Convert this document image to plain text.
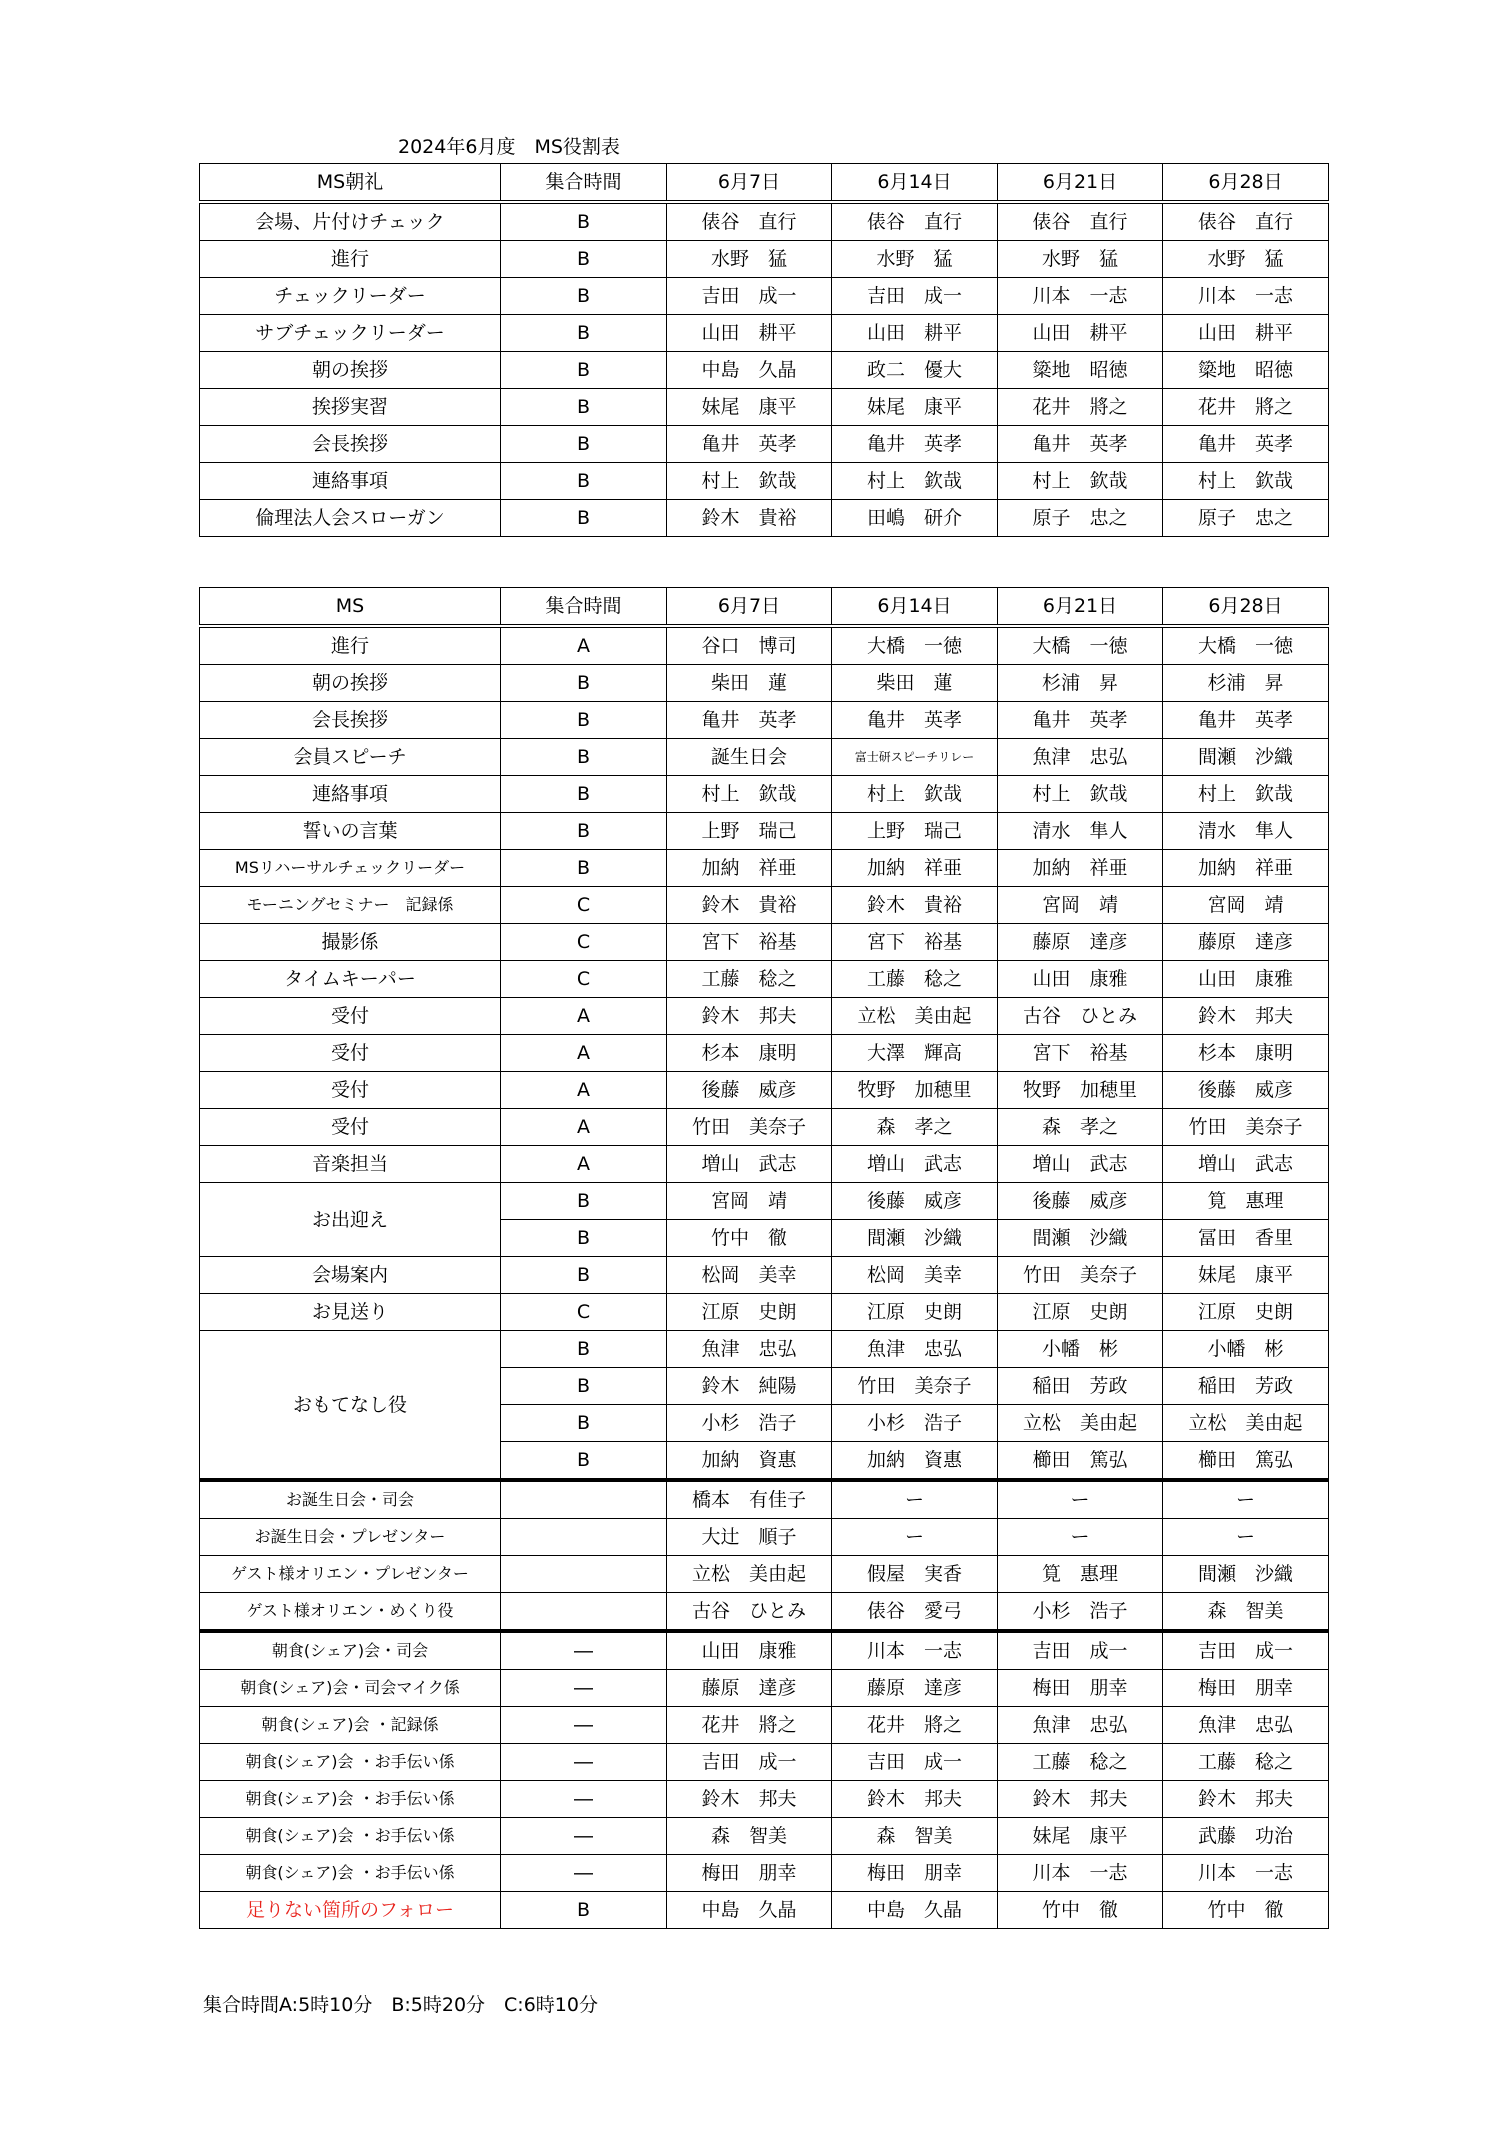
2024年6月度　MS役割表
MS朝礼	集合時間	6月7日	6月14日	6月21日	6月28日
会場、片付けチェック	B	俵谷　直行	俵谷　直行	俵谷　直行	俵谷　直行
進行	B	水野　猛	水野　猛	水野　猛	水野　猛
チェックリーダー	B	吉田　成一	吉田　成一	川本　一志	川本　一志
サブチェックリーダー	B	山田　耕平	山田　耕平	山田　耕平	山田　耕平
朝の挨拶	B	中島　久晶	政二　優大	簗地　昭徳	簗地　昭徳
挨拶実習	B	妹尾　康平	妹尾　康平	花井　將之	花井　將之
会長挨拶	B	亀井　英孝	亀井　英孝	亀井　英孝	亀井　英孝
連絡事項	B	村上　欽哉	村上　欽哉	村上　欽哉	村上　欽哉
倫理法人会スローガン	B	鈴木　貴裕	田嶋　研介	原子　忠之	原子　忠之
MS	集合時間	6月7日	6月14日	6月21日	6月28日
進行	A	谷口　博司	大橋　一徳	大橋　一徳	大橋　一徳
朝の挨拶	B	柴田　蓮	柴田　蓮	杉浦　昇	杉浦　昇
会長挨拶	B	亀井　英孝	亀井　英孝	亀井　英孝	亀井　英孝
会員スピーチ	B	誕生日会	富士研スピーチリレー	魚津　忠弘	間瀬　沙織
連絡事項	B	村上　欽哉	村上　欽哉	村上　欽哉	村上　欽哉
誓いの言葉	B	上野　瑞己	上野　瑞己	清水　隼人	清水　隼人
MSリハーサルチェックリーダー	B	加納　祥亜	加納　祥亜	加納　祥亜	加納　祥亜
モーニングセミナー　記録係	C	鈴木　貴裕	鈴木　貴裕	宮岡　靖	宮岡　靖
撮影係	C	宮下　裕基	宮下　裕基	藤原　達彦	藤原　達彦
タイムキーパー	C	工藤　稔之	工藤　稔之	山田　康雅	山田　康雅
受付	A	鈴木　邦夫	立松　美由起	古谷　ひとみ	鈴木　邦夫
受付	A	杉本　康明	大澤　輝高	宮下　裕基	杉本　康明
受付	A	後藤　威彦	牧野　加穂里	牧野　加穂里	後藤　威彦
受付	A	竹田　美奈子	森　孝之	森　孝之	竹田　美奈子
音楽担当	A	増山　武志	増山　武志	増山　武志	増山　武志
お出迎え	B	宮岡　靖	後藤　威彦	後藤　威彦	筧　惠理
	B	竹中　徹	間瀬　沙織	間瀬　沙織	冨田　香里
会場案内	B	松岡　美幸	松岡　美幸	竹田　美奈子	妹尾　康平
お見送り	C	江原　史朗	江原　史朗	江原　史朗	江原　史朗
おもてなし役	B	魚津　忠弘	魚津　忠弘	小幡　彬	小幡　彬
	B	鈴木　純陽	竹田　美奈子	稲田　芳政	稲田　芳政
	B	小杉　浩子	小杉　浩子	立松　美由起	立松　美由起
	B	加納　資惠	加納　資惠	櫛田　篤弘	櫛田　篤弘
お誕生日会・司会		橋本　有佳子	ー	ー	ー
お誕生日会・プレゼンター		大辻　順子	ー	ー	ー
ゲスト様オリエン・プレゼンター		立松　美由起	假屋　実香	筧　惠理	間瀬　沙織
ゲスト様オリエン・めくり役		古谷　ひとみ	俵谷　愛弓	小杉　浩子	森　智美
朝食(シェア)会・司会	―	山田　康雅	川本　一志	吉田　成一	吉田　成一
朝食(シェア)会・司会マイク係	―	藤原　達彦	藤原　達彦	梅田　朋幸	梅田　朋幸
朝食(シェア)会 ・記録係	―	花井　將之	花井　將之	魚津　忠弘	魚津　忠弘
朝食(シェア)会 ・お手伝い係	―	吉田　成一	吉田　成一	工藤　稔之	工藤　稔之
朝食(シェア)会 ・お手伝い係	―	鈴木　邦夫	鈴木　邦夫	鈴木　邦夫	鈴木　邦夫
朝食(シェア)会 ・お手伝い係	―	森　智美	森　智美	妹尾　康平	武藤　功治
朝食(シェア)会 ・お手伝い係	―	梅田　朋幸	梅田　朋幸	川本　一志	川本　一志
足りない箇所のフォロー	B	中島　久晶	中島　久晶	竹中　徹	竹中　徹
集合時間A:5時10分　B:5時20分　C:6時10分
